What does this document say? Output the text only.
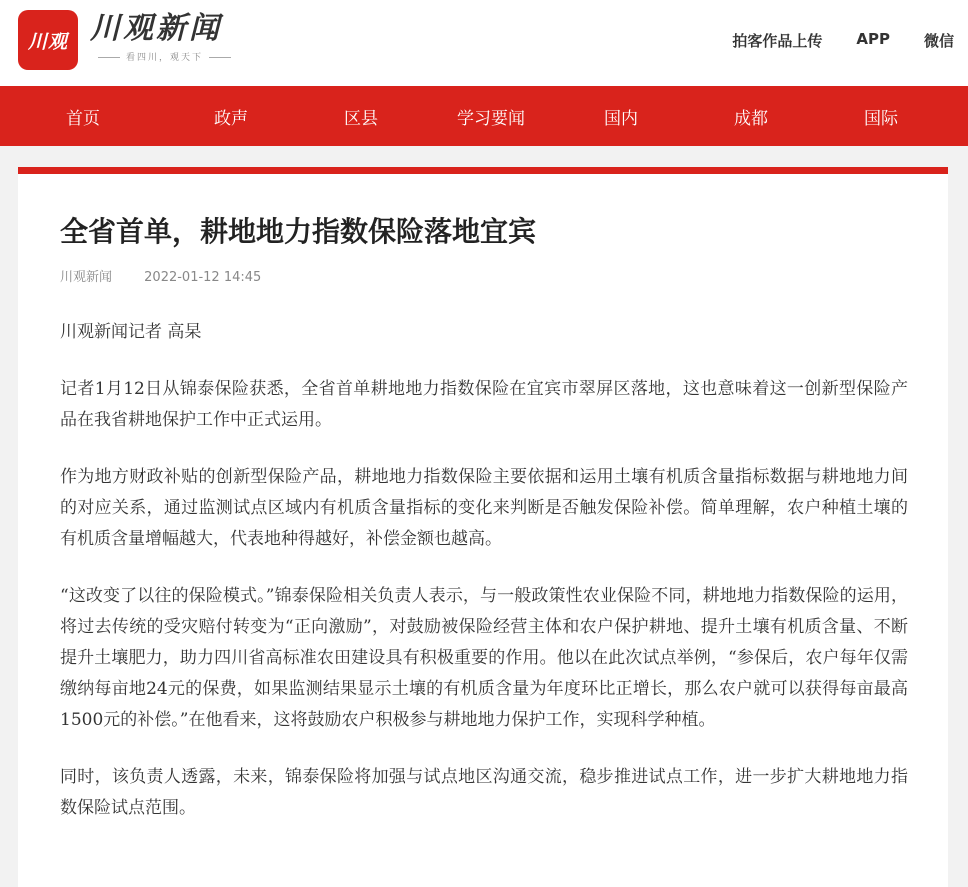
川观 川观新闻
看四川，观天下
拍客作品上传 APP 微信
首页	政声	区县	学习要闻	国内	成都	国际
全省首单，耕地地力指数保险落地宜宾
川观新闻 2022-01-12 14:45

川观新闻记者 高杲

记者1月12日从锦泰保险获悉，全省首单耕地地力指数保险在宜宾市翠屏区落地，这也意味着这一创新型保险产品在我省耕地保护工作中正式运用。

作为地方财政补贴的创新型保险产品，耕地地力指数保险主要依据和运用土壤有机质含量指标数据与耕地地力间的对应关系，通过监测试点区域内有机质含量指标的变化来判断是否触发保险补偿。简单理解，农户种植土壤的有机质含量增幅越大，代表地种得越好，补偿金额也越高。

“这改变了以往的保险模式。”锦泰保险相关负责人表示，与一般政策性农业保险不同，耕地地力指数保险的运用，将过去传统的受灾赔付转变为“正向激励”，对鼓励被保险经营主体和农户保护耕地、提升土壤有机质含量、不断提升土壤肥力，助力四川省高标准农田建设具有积极重要的作用。他以在此次试点举例，“参保后，农户每年仅需缴纳每亩地24元的保费，如果监测结果显示土壤的有机质含量为年度环比正增长，那么农户就可以获得每亩最高1500元的补偿。”在他看来，这将鼓励农户积极参与耕地地力保护工作，实现科学种植。

同时，该负责人透露，未来，锦泰保险将加强与试点地区沟通交流，稳步推进试点工作，进一步扩大耕地地力指数保险试点范围。
